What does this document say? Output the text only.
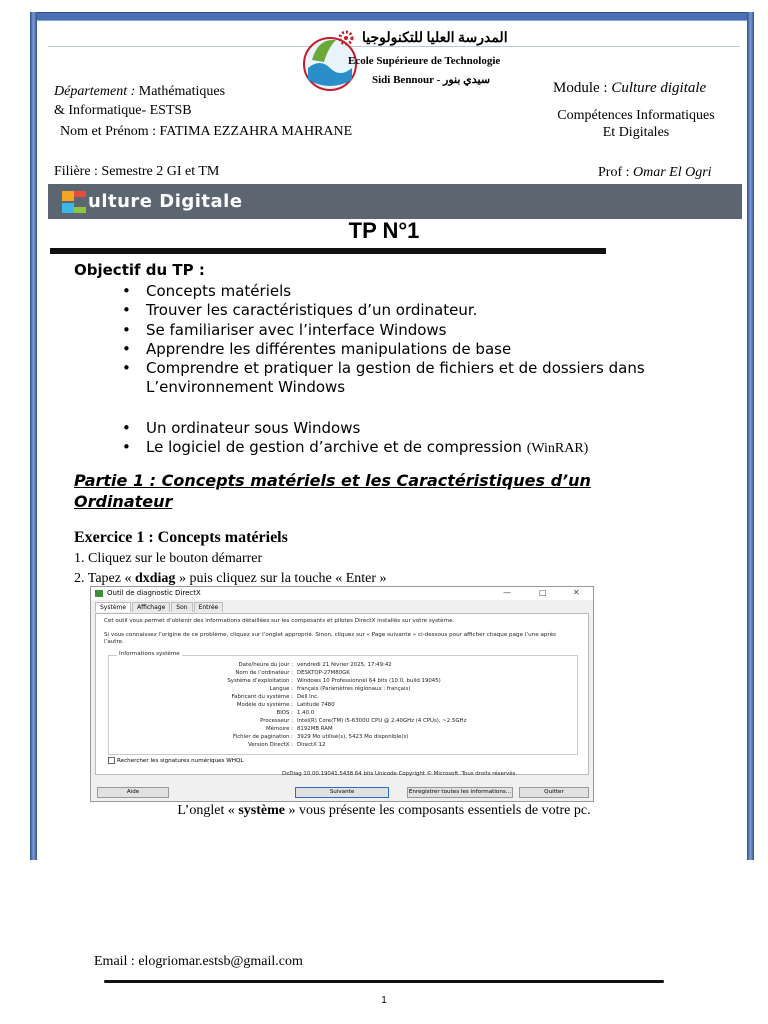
المدرسة العليا للتكنولوجيا
Ecole Supérieure de Technologie
Sidi Bennour - سيدي بنور
Département : Mathématiques
& Informatique- ESTSB
Module : Culture digitale
Compétences Informatiques
Et Digitales
Nom et Prénom : FATIMA EZZAHRA MAHRANE
Filière : Semestre 2 GI et TM	Prof : Omar El Ogri
ulture Digitale
TP N°1
Objectif du TP :
• Concepts matériels
• Trouver les caractéristiques d’un ordinateur.
• Se familiariser avec l’interface Windows
• Apprendre les différentes manipulations de base
• Comprendre et pratiquer la gestion de fichiers et de dossiers dans L’environnement Windows
• Un ordinateur sous Windows
• Le logiciel de gestion d’archive et de compression (WinRAR)
Partie 1 : Concepts matériels et les Caractéristiques d’un Ordinateur
Exercice 1 : Concepts matériels
1. Cliquez sur le bouton démarrer
2. Tapez « dxdiag » puis cliquez sur la touche « Enter »
Outil de diagnostic DirectX	—	□	✕
Système Affichage Son Entrée
Cet outil vous permet d’obtenir des informations détaillées sur les composants et pilotes DirectX installés sur votre système.
Si vous connaissez l’origine de ce problème, cliquez sur l’onglet approprié. Sinon, cliquez sur « Page suivante » ci-dessous pour afficher chaque page l’une après l’autre.
Informations système
Date/heure du jour : vendredi 21 février 2025, 17:49:42
Nom de l’ordinateur : DESKTOP-27M80GK
Système d’exploitation : Windows 10 Professionnel 64 bits (10.0, build 19045)
Langue : français (Paramètres régionaux : français)
Fabricant du système : Dell Inc.
Modèle du système : Latitude 7480
BIOS : 1.40.0
Processeur : Intel(R) Core(TM) i5-6300U CPU @ 2.40GHz (4 CPUs), ~2.5GHz
Mémoire : 8192MB RAM
Fichier de pagination : 3929 Mo utilisé(s), 5423 Mo disponible(s)
Version DirectX : DirectX 12
Rechercher les signatures numériques WHQL
DxDiag 10.00.19041.5438 64 bits Unicode Copyright © Microsoft. Tous droits réservés.
Aide	Suivante	Enregistrer toutes les informations...	Quitter
L’onglet « système » vous présente les composants essentiels de votre pc.
Email : elogriomar.estsb@gmail.com
1
